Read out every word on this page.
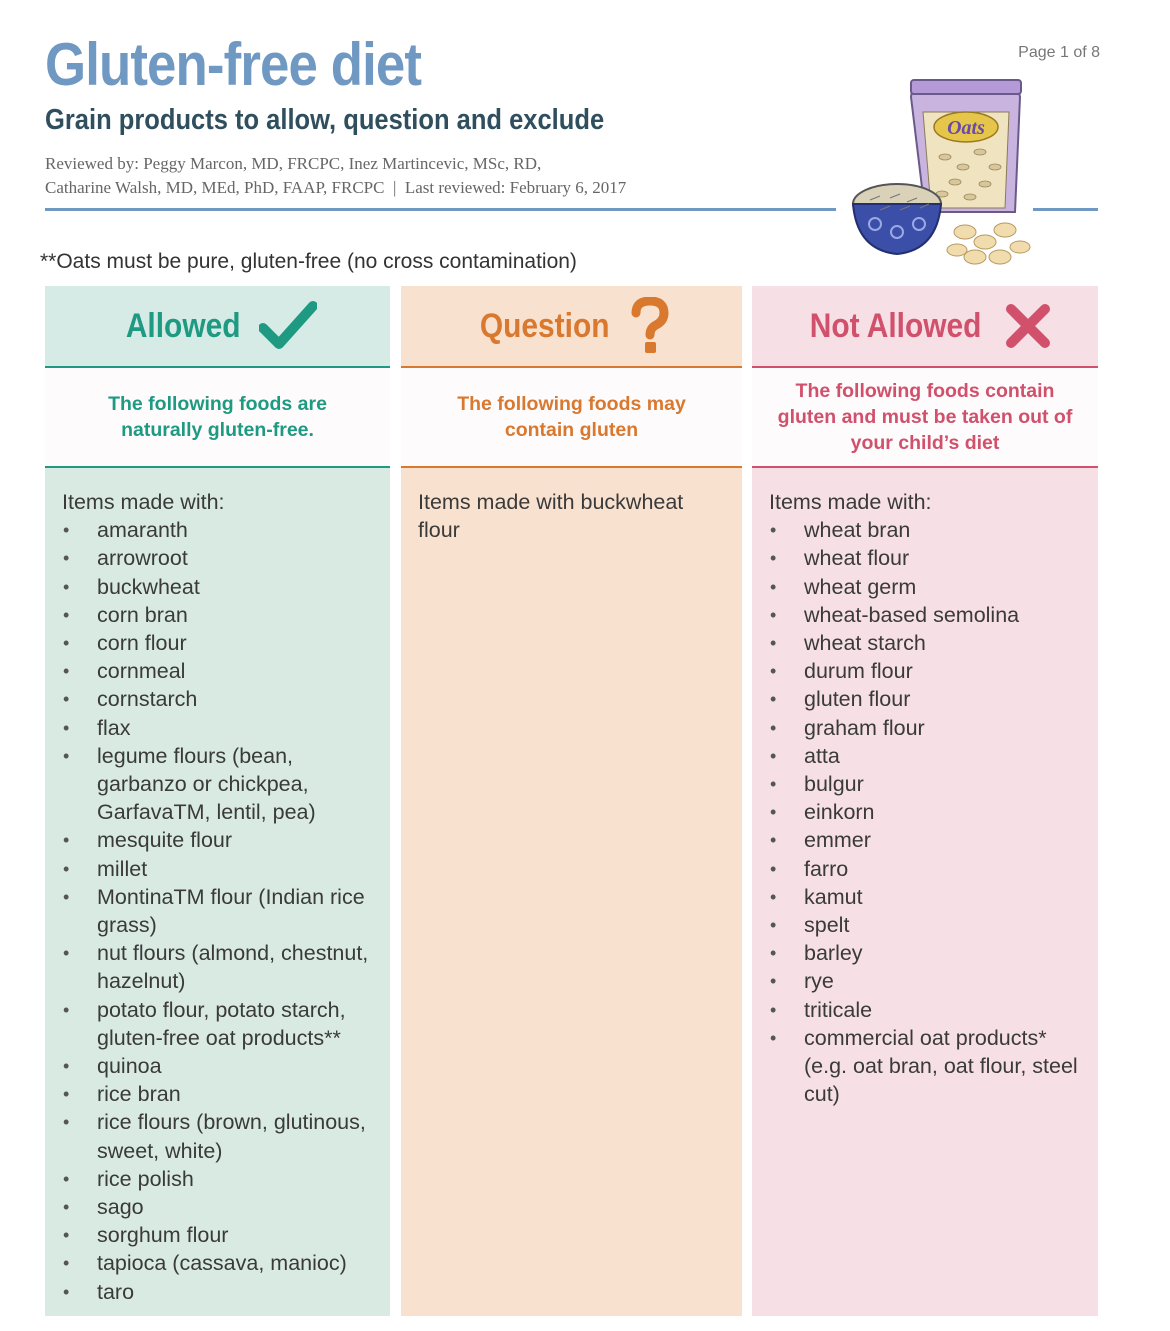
Gluten-free diet
Grain products to allow, question and exclude
Reviewed by: Peggy Marcon, MD, FRCPC, Inez Martincevic, MSc, RD,
Catharine Walsh, MD, MEd, PhD, FAAP, FRCPC  |  Last reviewed: February 6, 2017
Page 1 of 8
Oats
**Oats must be pure, gluten-free (no cross contamination)
Allowed
The following foods are naturally gluten-free.
Items made with:
• amaranth
• arrowroot
• buckwheat
• corn bran
• corn flour
• cornmeal
• cornstarch
• flax
• legume flours (bean, garbanzo or chickpea, GarfavaTM, lentil, pea)
• mesquite flour
• millet
• MontinaTM flour (Indian rice grass)
• nut flours (almond, chestnut, hazelnut)
• potato flour, potato starch, gluten-free oat products**
• quinoa
• rice bran
• rice flours (brown, glutinous, sweet, white)
• rice polish
• sago
• sorghum flour
• tapioca (cassava, manioc)
• taro
Question
The following foods may contain gluten
Items made with buckwheat flour
Not Allowed
The following foods contain gluten and must be taken out of your child’s diet
Items made with:
• wheat bran
• wheat flour
• wheat germ
• wheat-based semolina
• wheat starch
• durum flour
• gluten flour
• graham flour
• atta
• bulgur
• einkorn
• emmer
• farro
• kamut
• spelt
• barley
• rye
• triticale
• commercial oat products* (e.g. oat bran, oat flour, steel cut)
